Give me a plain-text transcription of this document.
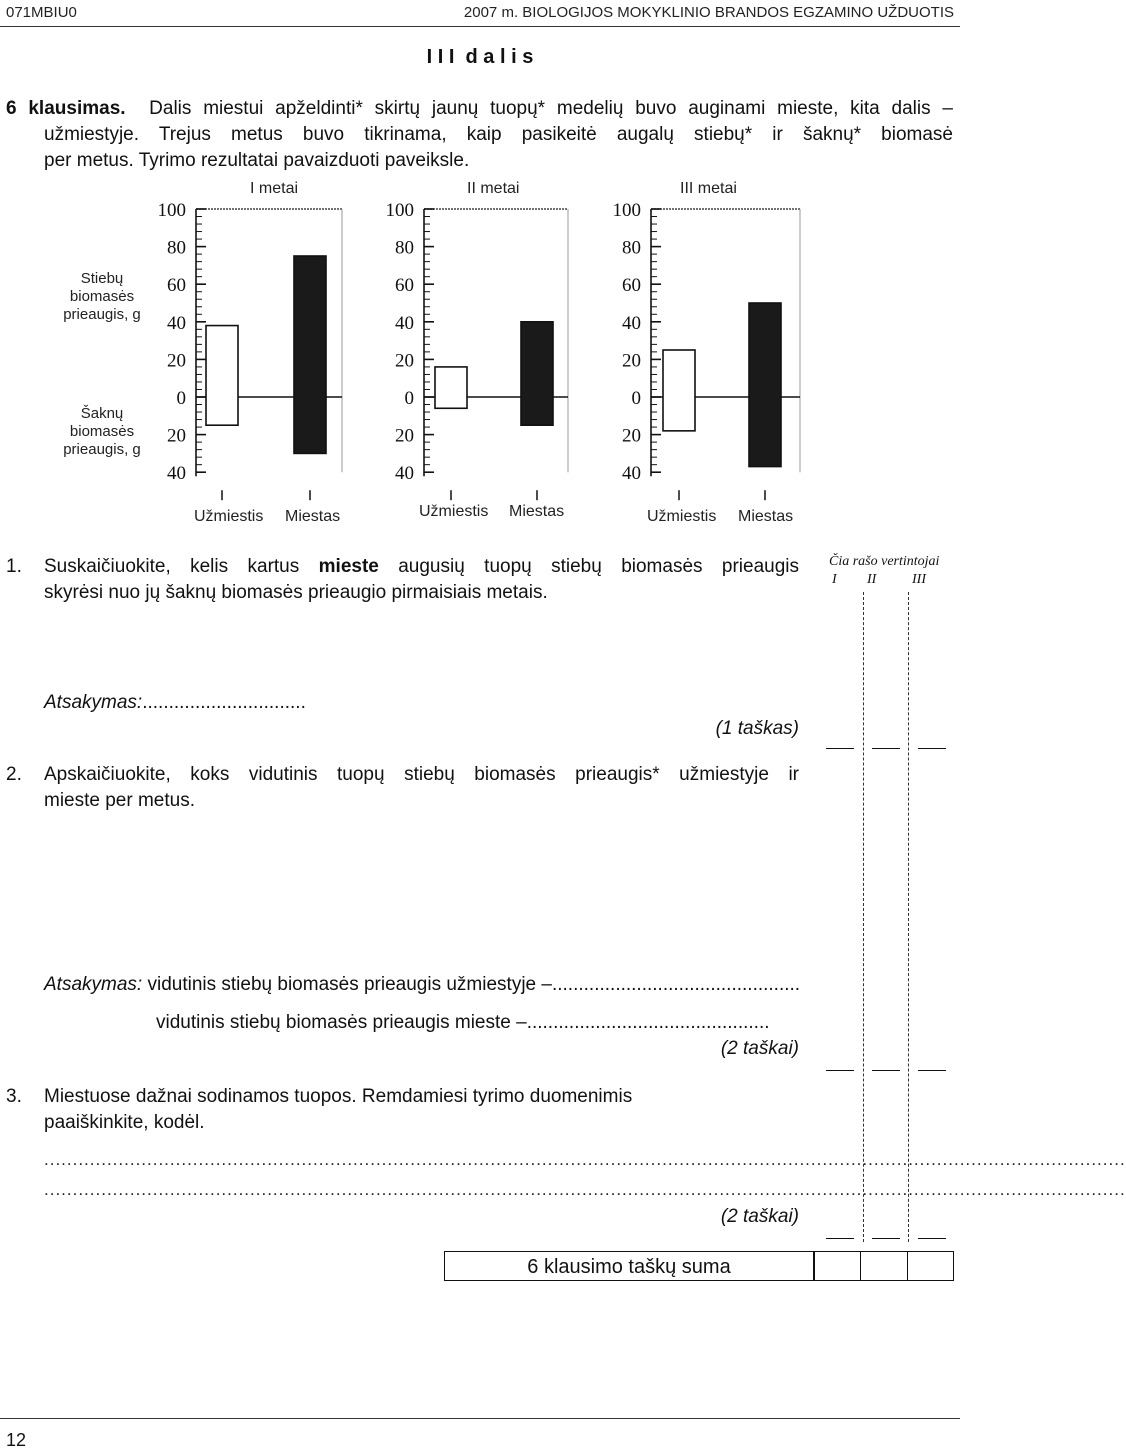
071MBIU0	2007 m. BIOLOGIJOS MOKYKLINIO BRANDOS EGZAMINO UŽDUOTIS
I I I  d a l i s
6 klausimas. Dalis miestui apželdinti* skirtų jaunų tuopų* medelių buvo auginami mieste, kita dalis –
užmiestyje. Trejus metus buvo tikrinama, kaip pasikeitė augalų stiebų* ir šaknų* biomasė
per metus. Tyrimo rezultatai pavaizduoti paveiksle.
Stiebų
biomasės
prieaugis, g
Šaknų
biomasės
prieaugis, g
I metai	II metai	III metai
100
80
60
40
20
0
20
40
100
80
60
40
20
0
20
40
100
80
60
40
20
0
20
40
Užmiestis Miestas	Užmiestis Miestas	Užmiestis Miestas
Čia rašo vertintojai
I II	III
1. Suskaičiuokite, kelis kartus mieste augusių tuopų stiebų biomasės prieaugis
skyrėsi nuo jų šaknų biomasės prieaugio pirmaisiais metais.
Atsakymas:...............................
(1 taškas)
2. Apskaičiuokite, koks vidutinis tuopų stiebų biomasės prieaugis* užmiestyje ir
mieste per metus.
Atsakymas: vidutinis stiebų biomasės prieaugis užmiestyje –...............................................
vidutinis stiebų biomasės prieaugis mieste –..............................................
(2 taškai)
3. Miestuose dažnai sodinamos tuopos. Remdamiesi tyrimo duomenimis
paaiškinkite, kodėl.
.............................................................................................................................................................................................
.............................................................................................................................................................................................
(2 taškai)
6 klausimo taškų suma
12
